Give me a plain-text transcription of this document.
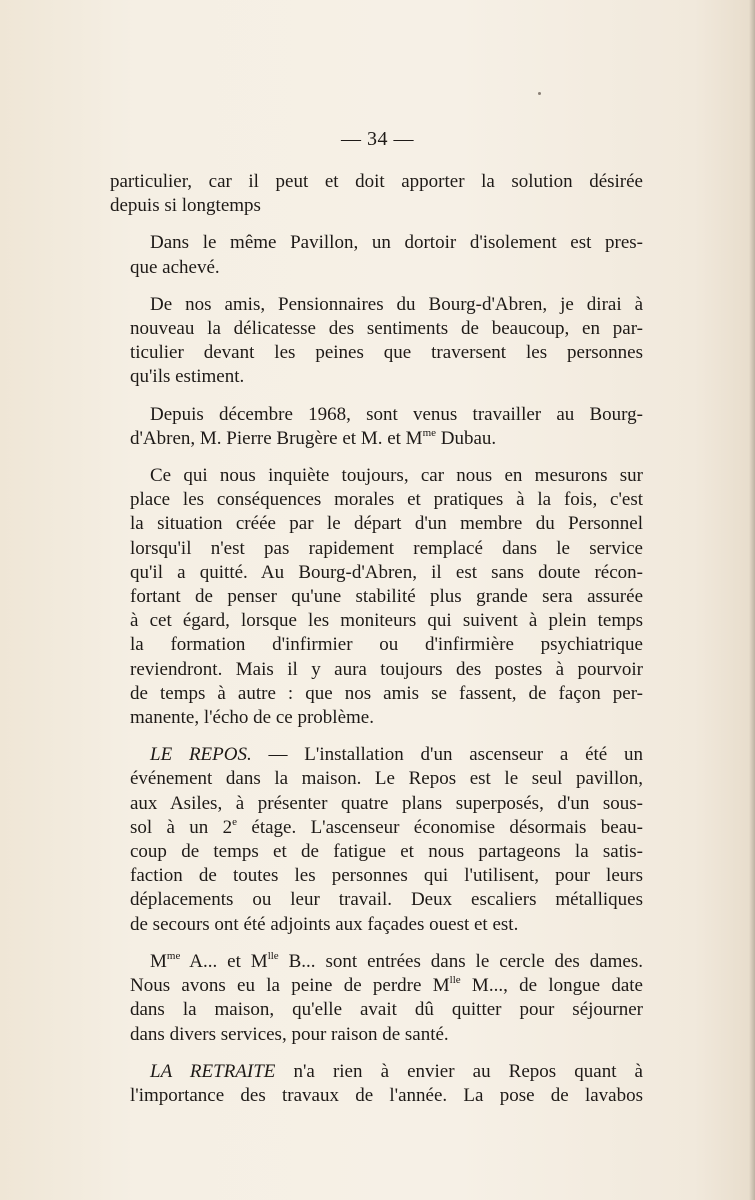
— 34 —
particulier, car il peut et doit apporter la solution désirée
depuis si longtemps
Dans le même Pavillon, un dortoir d'isolement est pres-
que achevé.
De nos amis, Pensionnaires du Bourg-d'Abren, je dirai à
nouveau la délicatesse des sentiments de beaucoup, en par-
ticulier devant les peines que traversent les personnes
qu'ils estiment.
Depuis décembre 1968, sont venus travailler au Bourg-
d'Abren, M. Pierre Brugère et M. et $M^{me}$ Dubau.
Ce qui nous inquiète toujours, car nous en mesurons sur
place les conséquences morales et pratiques à la fois, c'est
la situation créée par le départ d'un membre du Personnel
lorsqu'il n'est pas rapidement remplacé dans le service
qu'il a quitté. Au Bourg-d'Abren, il est sans doute récon-
fortant de penser qu'une stabilité plus grande sera assurée
à cet égard, lorsque les moniteurs qui suivent à plein temps
la formation d'infirmier ou d'infirmière psychiatrique
reviendront. Mais il y aura toujours des postes à pourvoir
de temps à autre : que nos amis se fassent, de façon per-
manente, l'écho de ce problème.
LE REPOS. — L'installation d'un ascenseur a été un
événement dans la maison. Le Repos est le seul pavillon,
aux Asiles, à présenter quatre plans superposés, d'un sous-
sol à un 2e étage. L'ascenseur économise désormais beau-
coup de temps et de fatigue et nous partageons la satis-
faction de toutes les personnes qui l'utilisent, pour leurs
déplacements ou leur travail. Deux escaliers métalliques
de secours ont été adjoints aux façades ouest et est.
$M^{me}$ A... et $M^{lle}$ B... sont entrées dans le cercle des dames.
Nous avons eu la peine de perdre $M^{lle}$ M..., de longue date
dans la maison, qu'elle avait dû quitter pour séjourner
dans divers services, pour raison de santé.
LA RETRAITE n'a rien à envier au Repos quant à
l'importance des travaux de l'année. La pose de lavabos
